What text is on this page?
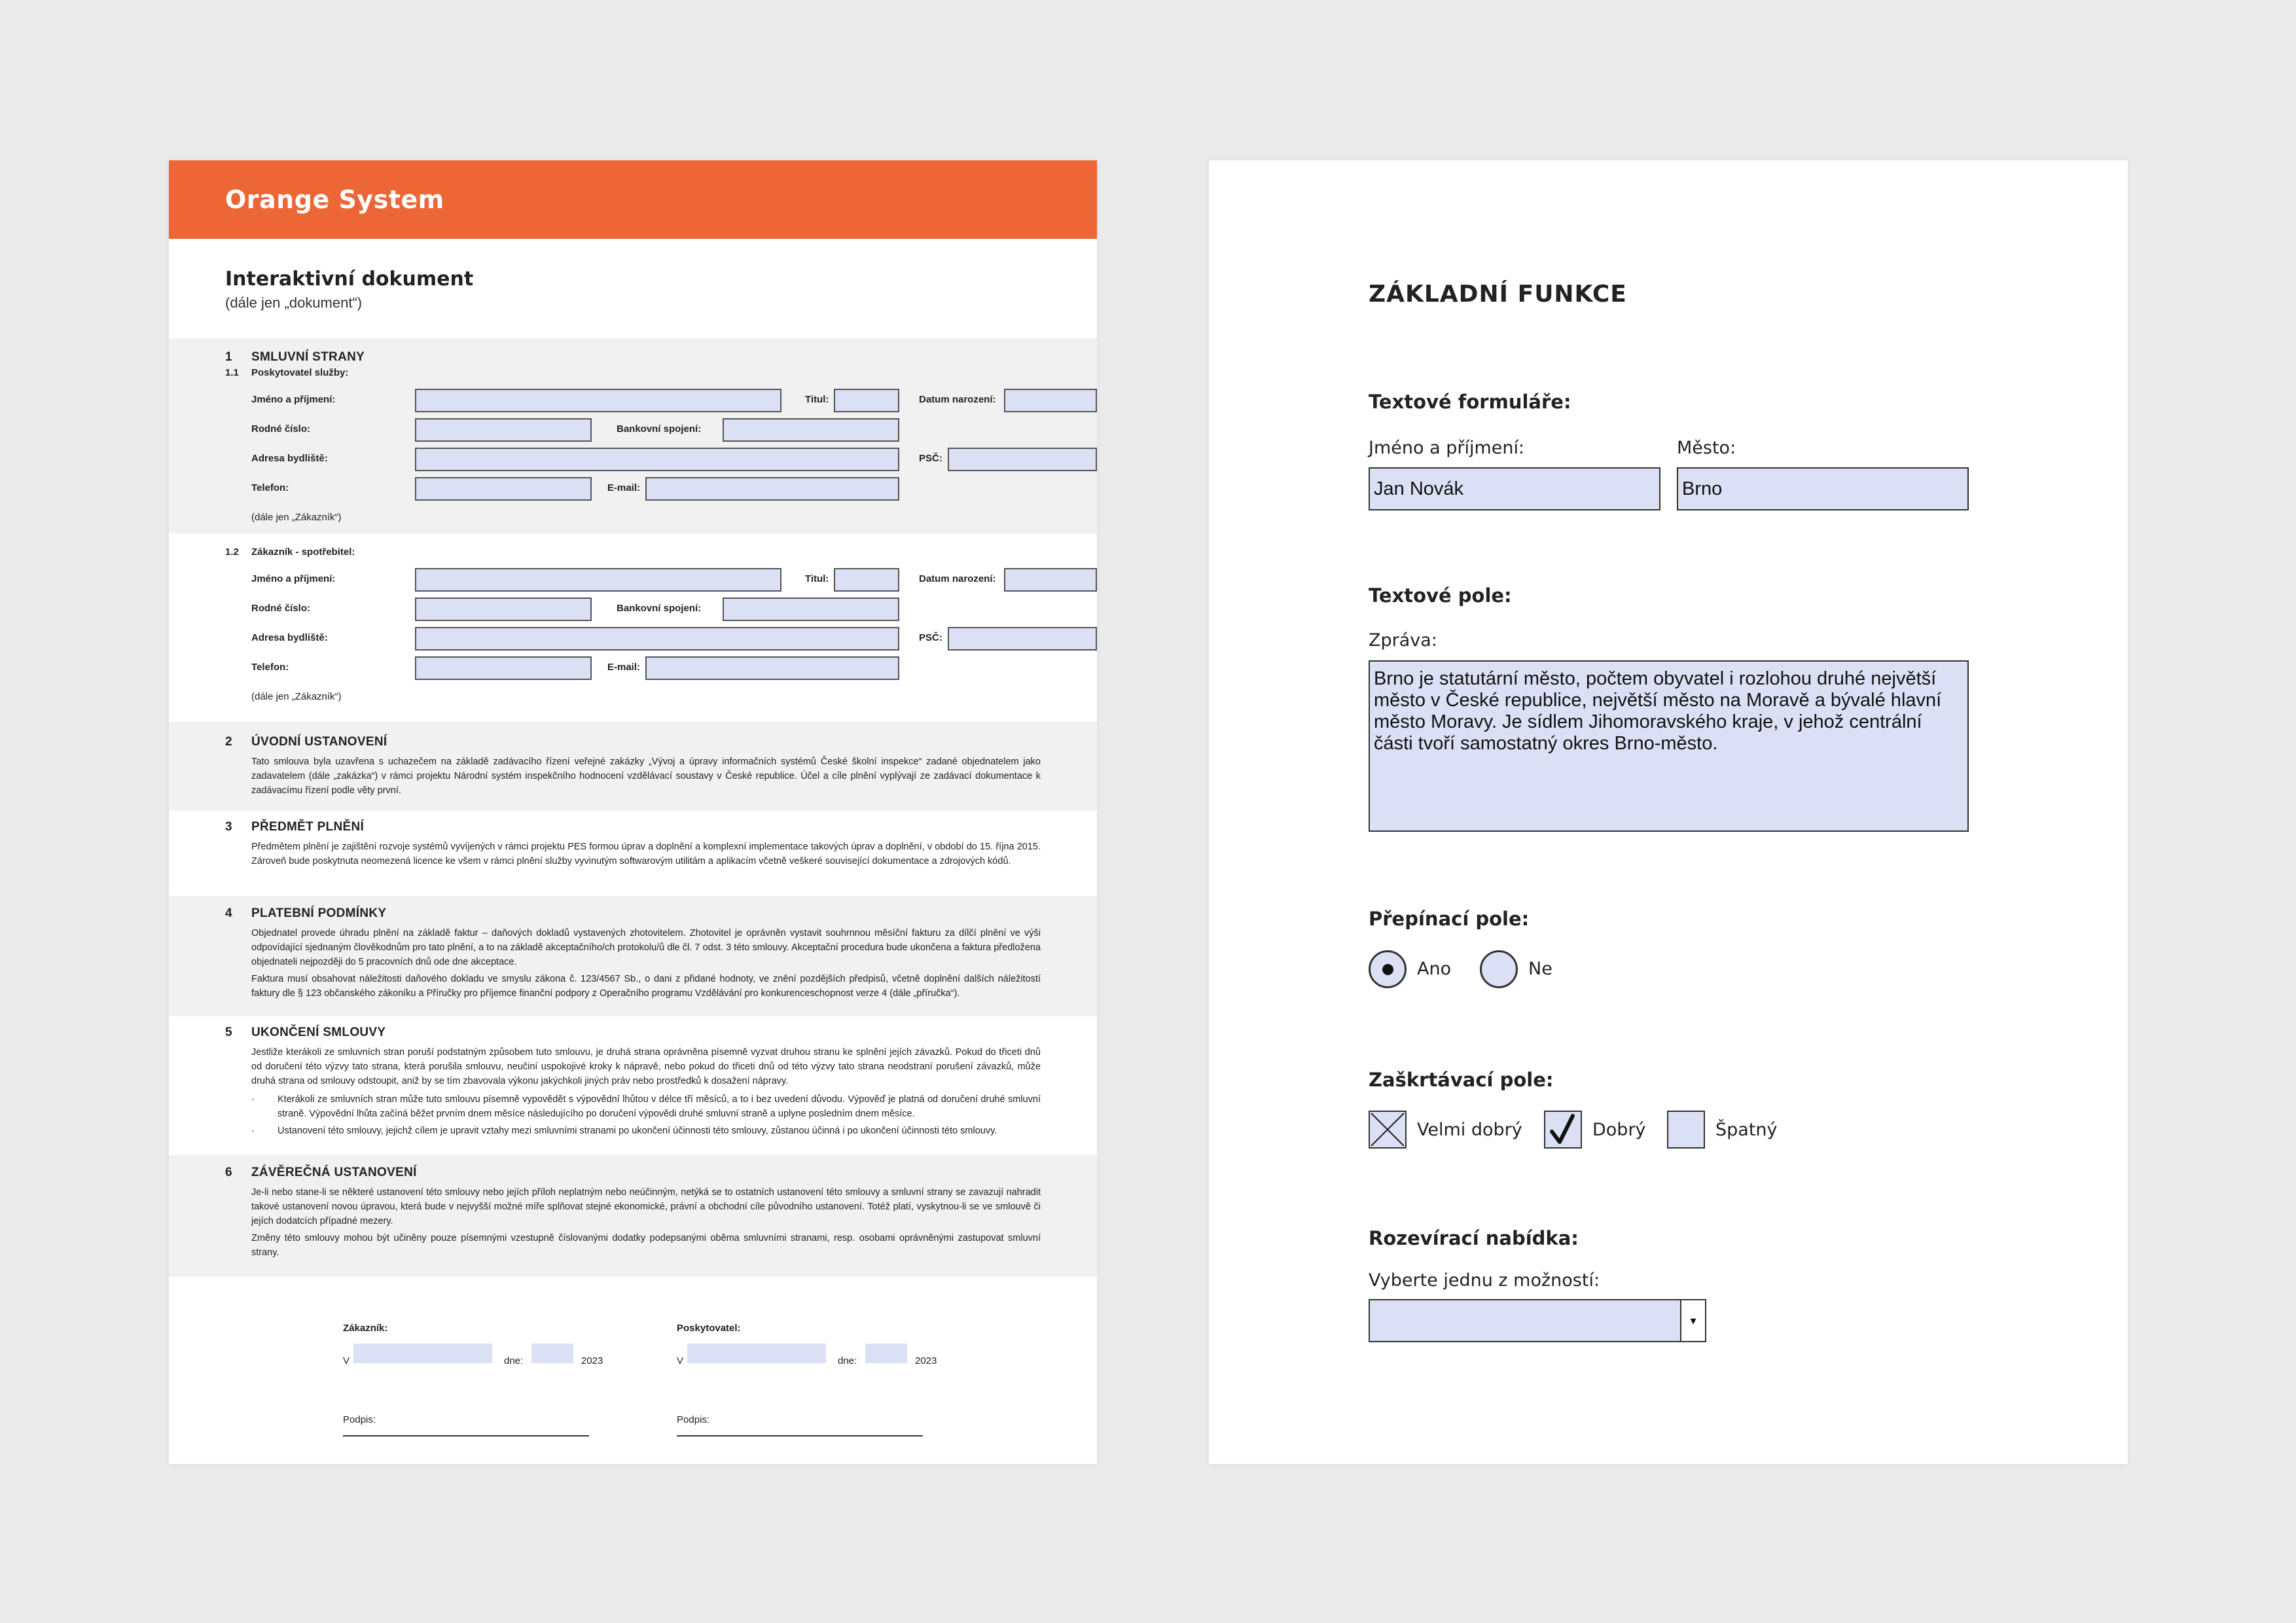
Orange System
Interaktivní dokument
(dále jen „dokument“)
1	SMLUVNÍ STRANY
1.1	Poskytovatel služby:
Jméno a příjmení:	Titul:	Datum narození:
Rodné číslo:	Bankovní spojení:
Adresa bydliště:	PSČ:
Telefon:	E-mail:
(dále jen „Zákazník“)
1.2	Zákazník - spotřebitel:
Jméno a příjmení:	Titul:	Datum narození:
Rodné číslo:	Bankovní spojení:
Adresa bydliště:	PSČ:
Telefon:	E-mail:
(dále jen „Zákazník“)
2	ÚVODNÍ USTANOVENÍ
Tato smlouva byla uzavřena s uchazečem na základě zadávacího řízení veřejné zakázky „Vývoj a úpravy informačních systémů České školní inspekce“ zadané objednatelem jako zadavatelem (dále „zakázka“) v rámci projektu Národní systém inspekčního hodnocení vzdělávací soustavy v České republice. Účel a cíle plnění vyplývají ze zadávací dokumentace k zadávacímu řízení podle věty první.
3	PŘEDMĚT PLNĚNÍ
Předmětem plnění je zajištění rozvoje systémů vyvíjených v rámci projektu PES formou úprav a doplnění a komplexní implementace takových úprav a doplnění, v období do 15. října 2015. Zároveň bude poskytnuta neomezená licence ke všem v rámci plnění služby vyvinutým softwarovým utilitám a aplikacím včetně veškeré související dokumentace a zdrojových kódů.
4	PLATEBNÍ PODMÍNKY
Objednatel provede úhradu plnění na základě faktur – daňových dokladů vystavených zhotovitelem. Zhotovitel je oprávněn vystavit souhrnnou měsíční fakturu za dílčí plnění ve výši odpovídající sjednaným člověkodnům pro tato plnění, a to na základě akceptačního/ch protokolu/ů dle čl. 7 odst. 3 této smlouvy. Akceptační procedura bude ukončena a faktura předložena objednateli nejpozději do 5 pracovních dnů ode dne akceptace.
Faktura musí obsahovat náležitosti daňového dokladu ve smyslu zákona č. 123/4567 Sb., o dani z přidané hodnoty, ve znění pozdějších předpisů, včetně doplnění dalších náležitostí faktury dle § 123 občanského zákoníku a Příručky pro příjemce finanční podpory z Operačního programu Vzdělávání pro konkurenceschopnost verze 4 (dále „příručka“).
5	UKONČENÍ SMLOUVY
Jestliže kterákoli ze smluvních stran poruší podstatným způsobem tuto smlouvu, je druhá strana oprávněna písemně vyzvat druhou stranu ke splnění jejích závazků. Pokud do třiceti dnů od doručení této výzvy tato strana, která porušila smlouvu, neučiní uspokojivé kroky k nápravě, nebo pokud do třiceti dnů od této výzvy tato strana neodstraní porušení závazků, může druhá strana od smlouvy odstoupit, aniž by se tím zbavovala výkonu jakýchkoli jiných práv nebo prostředků k dosažení nápravy.
·	Kterákoli ze smluvních stran může tuto smlouvu písemně vypovědět s výpovědní lhůtou v délce tří měsíců, a to i bez uvedení důvodu. Výpověď je platná od doručení druhé smluvní straně. Výpovědní lhůta začíná běžet prvním dnem měsíce následujícího po doručení výpovědi druhé smluvní straně a uplyne posledním dnem měsíce.
·	Ustanovení této smlouvy, jejichž cílem je upravit vztahy mezi smluvními stranami po ukončení účinnosti této smlouvy, zůstanou účinná i po ukončení účinnosti této smlouvy.
6	ZÁVĚREČNÁ USTANOVENÍ
Je-li nebo stane-li se některé ustanovení této smlouvy nebo jejích příloh neplatným nebo neúčinným, netýká se to ostatních ustanovení této smlouvy a smluvní strany se zavazují nahradit takové ustanovení novou úpravou, která bude v nejvyšší možné míře splňovat stejné ekonomické, právní a obchodní cíle původního ustanovení. Totéž platí, vyskytnou-li se ve smlouvě či jejích dodatcích případné mezery.
Změny této smlouvy mohou být učiněny pouze písemnými vzestupně číslovanými dodatky podepsanými oběma smluvními stranami, resp. osobami oprávněnými zastupovat smluvní strany.
Zákazník:
V	dne:	2023
Podpis:
Poskytovatel:
V	dne:	2023
Podpis:
ZÁKLADNÍ FUNKCE
Textové formuláře:
Jméno a příjmení:
Jan Novák
Město:
Brno
Textové pole:
Zpráva:
Brno je statutární město, počtem obyvatel i rozlohou druhé největší město v České republice, největší město na Moravě a bývalé hlavní město Moravy. Je sídlem Jihomoravského kraje, v jehož centrální části tvoří samostatný okres Brno-město.
Přepínací pole:
Ano	Ne
Zaškrtávací pole:
Velmi dobrý	Dobrý	Špatný
Rozevírací nabídka:
Vyberte jednu z možností:
▾
